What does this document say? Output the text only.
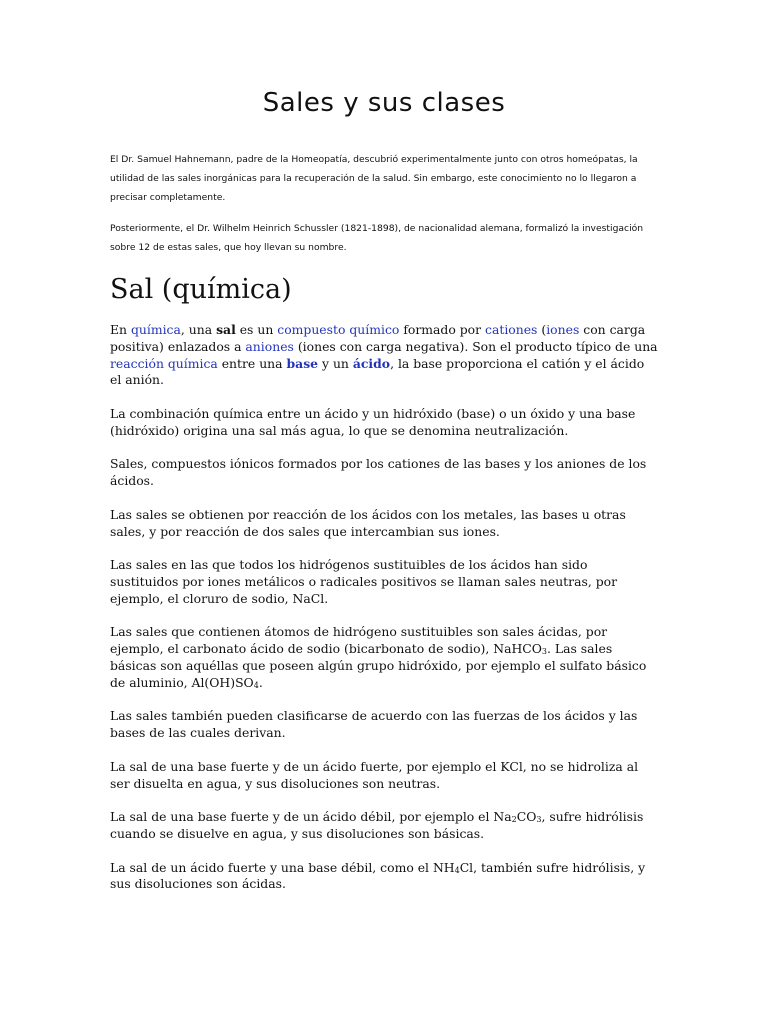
Sales y sus clases

El Dr. Samuel Hahnemann, padre de la Homeopatía, descubrió experimentalmente junto con otros homeópatas, la utilidad de las sales inorgánicas para la recuperación de la salud. Sin embargo, este conocimiento no lo llegaron a precisar completamente.

Posteriormente, el Dr. Wilhelm Heinrich Schussler (1821-1898), de nacionalidad alemana, formalizó la investigación sobre 12 de estas sales, que hoy llevan su nombre.

Sal (química)

En química, una sal es un compuesto químico formado por cationes (iones con carga positiva) enlazados a aniones (iones con carga negativa). Son el producto típico de una reacción química entre una base y un ácido, la base proporciona el catión y el ácido el anión.

La combinación química entre un ácido y un hidróxido (base) o un óxido y una base (hidróxido) origina una sal más agua, lo que se denomina neutralización.

Sales, compuestos iónicos formados por los cationes de las bases y los aniones de los ácidos.

Las sales se obtienen por reacción de los ácidos con los metales, las bases u otras sales, y por reacción de dos sales que intercambian sus iones.

Las sales en las que todos los hidrógenos sustituibles de los ácidos han sido sustituidos por iones metálicos o radicales positivos se llaman sales neutras, por ejemplo, el cloruro de sodio, NaCl.

Las sales que contienen átomos de hidrógeno sustituibles son sales ácidas, por ejemplo, el carbonato ácido de sodio (bicarbonato de sodio), NaHCO$_3$. Las sales básicas son aquéllas que poseen algún grupo hidróxido, por ejemplo el sulfato básico de aluminio, $Al(OH)SO_4$.

Las sales también pueden clasificarse de acuerdo con las fuerzas de los ácidos y las bases de las cuales derivan.

La sal de una base fuerte y de un ácido fuerte, por ejemplo el KCl, no se hidroliza al ser disuelta en agua, y sus disoluciones son neutras.

La sal de una base fuerte y de un ácido débil, por ejemplo el $Na_2CO_3$, sufre hidrólisis cuando se disuelve en agua, y sus disoluciones son básicas.

La sal de un ácido fuerte y una base débil, como el $NH_4Cl$, también sufre hidrólisis, y sus disoluciones son ácidas.
